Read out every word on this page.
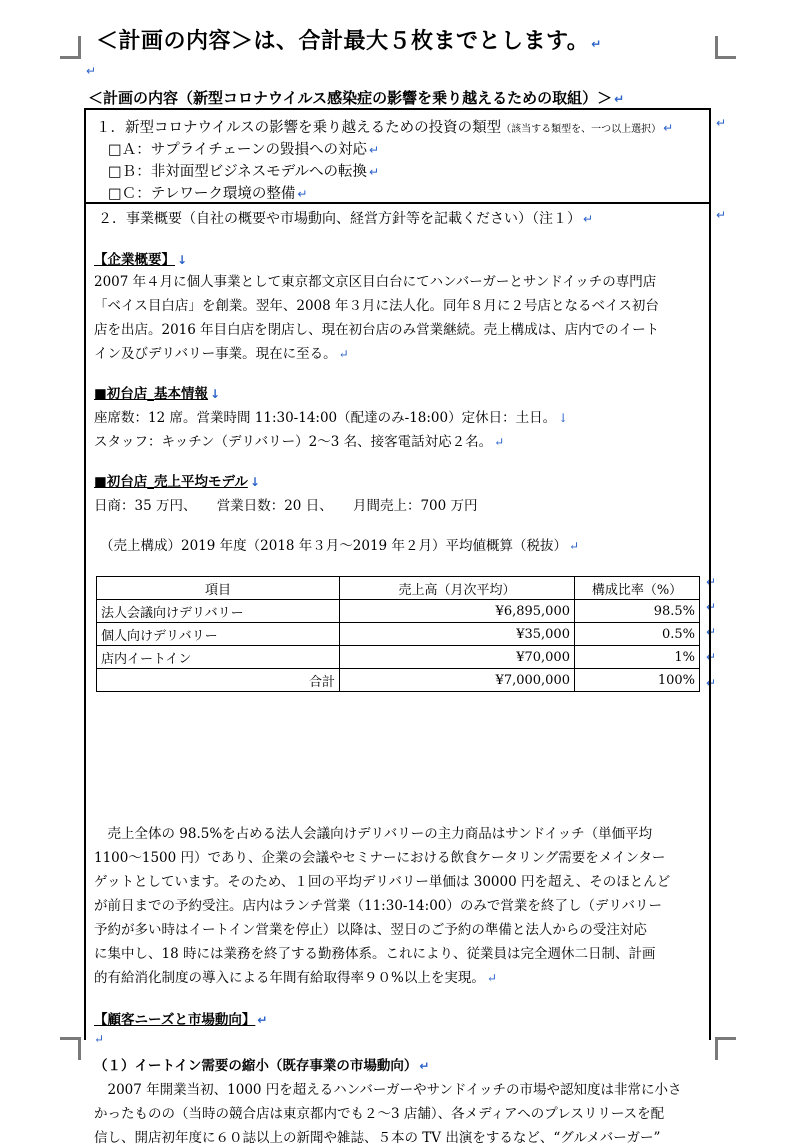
＜計画の内容＞は、合計最大５枚までとします。 ↵
↵
＜計画の内容（新型コロナウイルス感染症の影響を乗り越えるための取組）＞ ↵
↵
↵
↵
↵
↵
↵
↵
１．新型コロナウイルスの影響を乗り越えるための投資の類型（該当する類型を、一つ以上選択） ↵
□Ａ：サプライチェーンの毀損への対応 ↵
□Ｂ：非対面型ビジネスモデルへの転換 ↵
□Ｃ：テレワーク環境の整備 ↵
２．事業概要（自社の概要や市場動向、経営方針等を記載ください）（注１） ↵
【企業概要】 ↓
2007 年４月に個人事業として東京都文京区目白台にてハンバーガーとサンドイッチの専門店
「ベイス目白店」を創業。翌年、2008 年３月に法人化。同年８月に２号店となるベイス初台
店を出店。2016 年目白店を閉店し、現在初台店のみ営業継続。売上構成は、店内でのイート
イン及びデリバリー事業。現在に至る。 ↵
■初台店_基本情報 ↓
座席数：12 席。営業時間 11:30-14:00（配達のみ-18:00）定休日：土日。 ↓
スタッフ：キッチン（デリバリー）2～3 名、接客電話対応２名。 ↵
■初台店_売上平均モデル ↓
日商：35 万円、　　営業日数：20 日、　　月間売上：700 万円
（売上構成）2019 年度（2018 年３月～2019 年２月）平均値概算（税抜） ↵
項目	売上高（月次平均）	構成比率（%）
法人会議向けデリバリー	¥6,895,000	98.5%
個人向けデリバリー	¥35,000	0.5%
店内イートイン	¥70,000	1%
合計	¥7,000,000	100%
　売上全体の 98.5%を占める法人会議向けデリバリーの主力商品はサンドイッチ（単価平均
1100～1500 円）であり、企業の会議やセミナーにおける飲食ケータリング需要をメインター
ゲットとしています。そのため、１回の平均デリバリー単価は 30000 円を超え、そのほとんど
が前日までの予約受注。店内はランチ営業（11:30-14:00）のみで営業を終了し（デリバリー
予約が多い時はイートイン営業を停止）以降は、翌日のご予約の準備と法人からの受注対応
に集中し、18 時には業務を終了する勤務体系。これにより、従業員は完全週休二日制、計画
的有給消化制度の導入による年間有給取得率９０%以上を実現。 ↵
【顧客ニーズと市場動向】 ↵
↵
（１）イートイン需要の縮小（既存事業の市場動向） ↵
　2007 年開業当初、1000 円を超えるハンバーガーやサンドイッチの市場や認知度は非常に小さ
かったものの（当時の競合店は東京都内でも２～3 店舗）、各メディアへのプレスリリースを配
信し、開店初年度に６０誌以上の新聞や雑誌、５本の TV 出演をするなど、“グルメバーガー”
